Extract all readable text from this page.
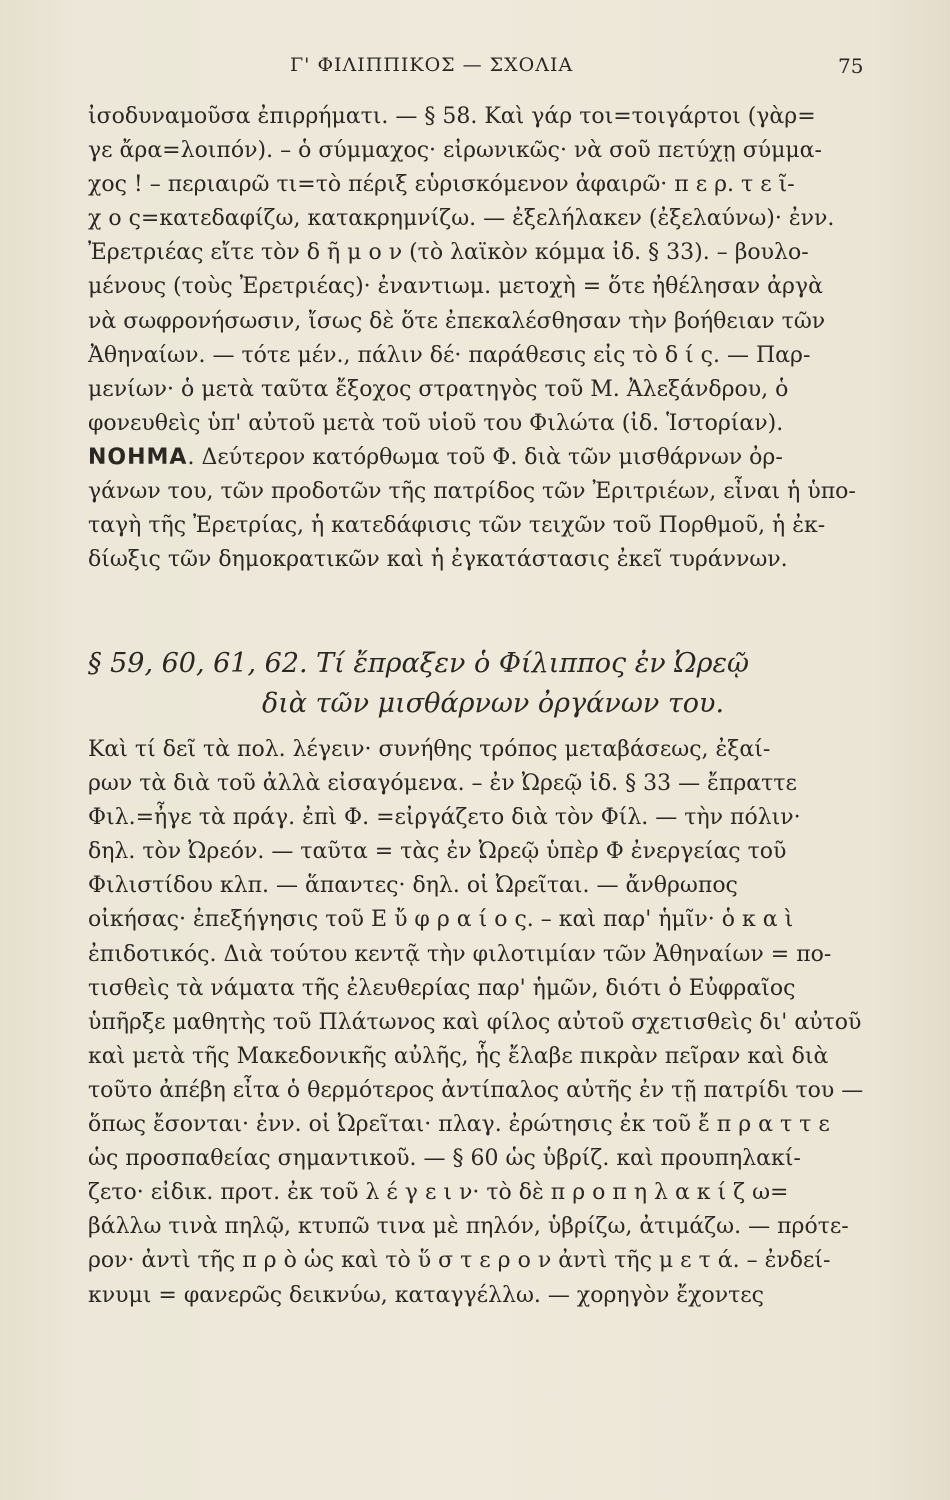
Γ' ΦΙΛΙΠΠΙΚΟΣ — ΣΧΟΛΙΑ	75
ἰσοδυναμοῦσα ἐπιρρήματι. — § 58. Καὶ γάρ τοι=τοιγάρτοι (γὰρ=
γε ἄρα=λοιπόν). – ὁ σύμμαχος· εἰρωνικῶς· νὰ σοῦ πετύχῃ σύμμα-
χος ! – περιαιρῶ τι=τὸ πέριξ εὑρισκόμενον ἀφαιρῶ· π ε ρ. τ ε ῖ-
χ ο ς=κατεδαφίζω, κατακρημνίζω. — ἐξελήλακεν (ἐξελαύνω)· ἐνν.
Ἐρετριέας εἴτε τὸν δ ῆ μ ο ν (τὸ λαϊκὸν κόμμα ἰδ. § 33). – βουλο-
μένους (τοὺς Ἐρετριέας)· ἐναντιωμ. μετοχὴ = ὅτε ἠθέλησαν ἀργὰ
νὰ σωφρονήσωσιν, ἴσως δὲ ὅτε ἐπεκαλέσθησαν τὴν βοήθειαν τῶν
Ἀθηναίων. — τότε μέν., πάλιν δέ· παράθεσις εἰς τὸ δ ί ς. — Παρ-
μενίων· ὁ μετὰ ταῦτα ἔξοχος στρατηγὸς τοῦ Μ. Ἀλεξάνδρου, ὁ
φονευθεὶς ὑπ' αὐτοῦ μετὰ τοῦ υἱοῦ του Φιλώτα (ἰδ. Ἱστορίαν).
ΝΟΗΜΑ. Δεύτερον κατόρθωμα τοῦ Φ. διὰ τῶν μισθάρνων ὀρ-
γάνων του, τῶν προδοτῶν τῆς πατρίδος τῶν Ἐριτριέων, εἶναι ἡ ὑπο-
ταγὴ τῆς Ἐρετρίας, ἡ κατεδάφισις τῶν τειχῶν τοῦ Πορθμοῦ, ἡ ἐκ-
δίωξις τῶν δημοκρατικῶν καὶ ἡ ἐγκατάστασις ἐκεῖ τυράννων.
§ 59, 60, 61, 62. Τί ἔπραξεν ὁ Φίλιππος ἐν Ὠρεῷ
διὰ τῶν μισθάρνων ὀργάνων του.
Καὶ τί δεῖ τὰ πολ. λέγειν· συνήθης τρόπος μεταβάσεως, ἐξαί-
ρων τὰ διὰ τοῦ ἀλλὰ εἰσαγόμενα. – ἐν Ὠρεῷ ἰδ. § 33 — ἔπραττε
Φιλ.=ἦγε τὰ πράγ. ἐπὶ Φ. =εἰργάζετο διὰ τὸν Φίλ. — τὴν πόλιν·
δηλ. τὸν Ὠρεόν. — ταῦτα = τὰς ἐν Ὠρεῷ ὑπὲρ Φ ἐνεργείας τοῦ
Φιλιστίδου κλπ. — ἅπαντες· δηλ. οἱ Ὠρεῖται. — ἄνθρωπος
οἰκήσας· ἐπεξήγησις τοῦ Ε ὔ φ ρ α ί ο ς. – καὶ παρ' ἡμῖν· ὁ κ α ὶ
ἐπιδοτικός. Διὰ τούτου κεντᾷ τὴν φιλοτιμίαν τῶν Ἀθηναίων = πο-
τισθεὶς τὰ νάματα τῆς ἐλευθερίας παρ' ἡμῶν, διότι ὁ Εὐφραῖος
ὑπῆρξε μαθητὴς τοῦ Πλάτωνος καὶ φίλος αὐτοῦ σχετισθεὶς δι' αὐτοῦ
καὶ μετὰ τῆς Μακεδονικῆς αὐλῆς, ἧς ἔλαβε πικρὰν πεῖραν καὶ διὰ
τοῦτο ἀπέβη εἶτα ὁ θερμότερος ἀντίπαλος αὐτῆς ἐν τῇ πατρίδι του —
ὅπως ἔσονται· ἐνν. οἱ Ὠρεῖται· πλαγ. ἐρώτησις ἐκ τοῦ ἔ π ρ α τ τ ε
ὡς προσπαθείας σημαντικοῦ. — § 60 ὡς ὑβρίζ. καὶ προυπηλακί-
ζετο· εἰδικ. προτ. ἐκ τοῦ λ έ γ ε ι ν· τὸ δὲ π ρ ο π η λ α κ ί ζ ω=
βάλλω τινὰ πηλῷ, κτυπῶ τινα μὲ πηλόν, ὑβρίζω, ἀτιμάζω. — πρότε-
ρον· ἀντὶ τῆς π ρ ὸ ὡς καὶ τὸ ὕ σ τ ε ρ ο ν ἀντὶ τῆς μ ε τ ά. – ἐνδεί-
κνυμι = φανερῶς δεικνύω, καταγγέλλω. — χορηγὸν ἔχοντες
